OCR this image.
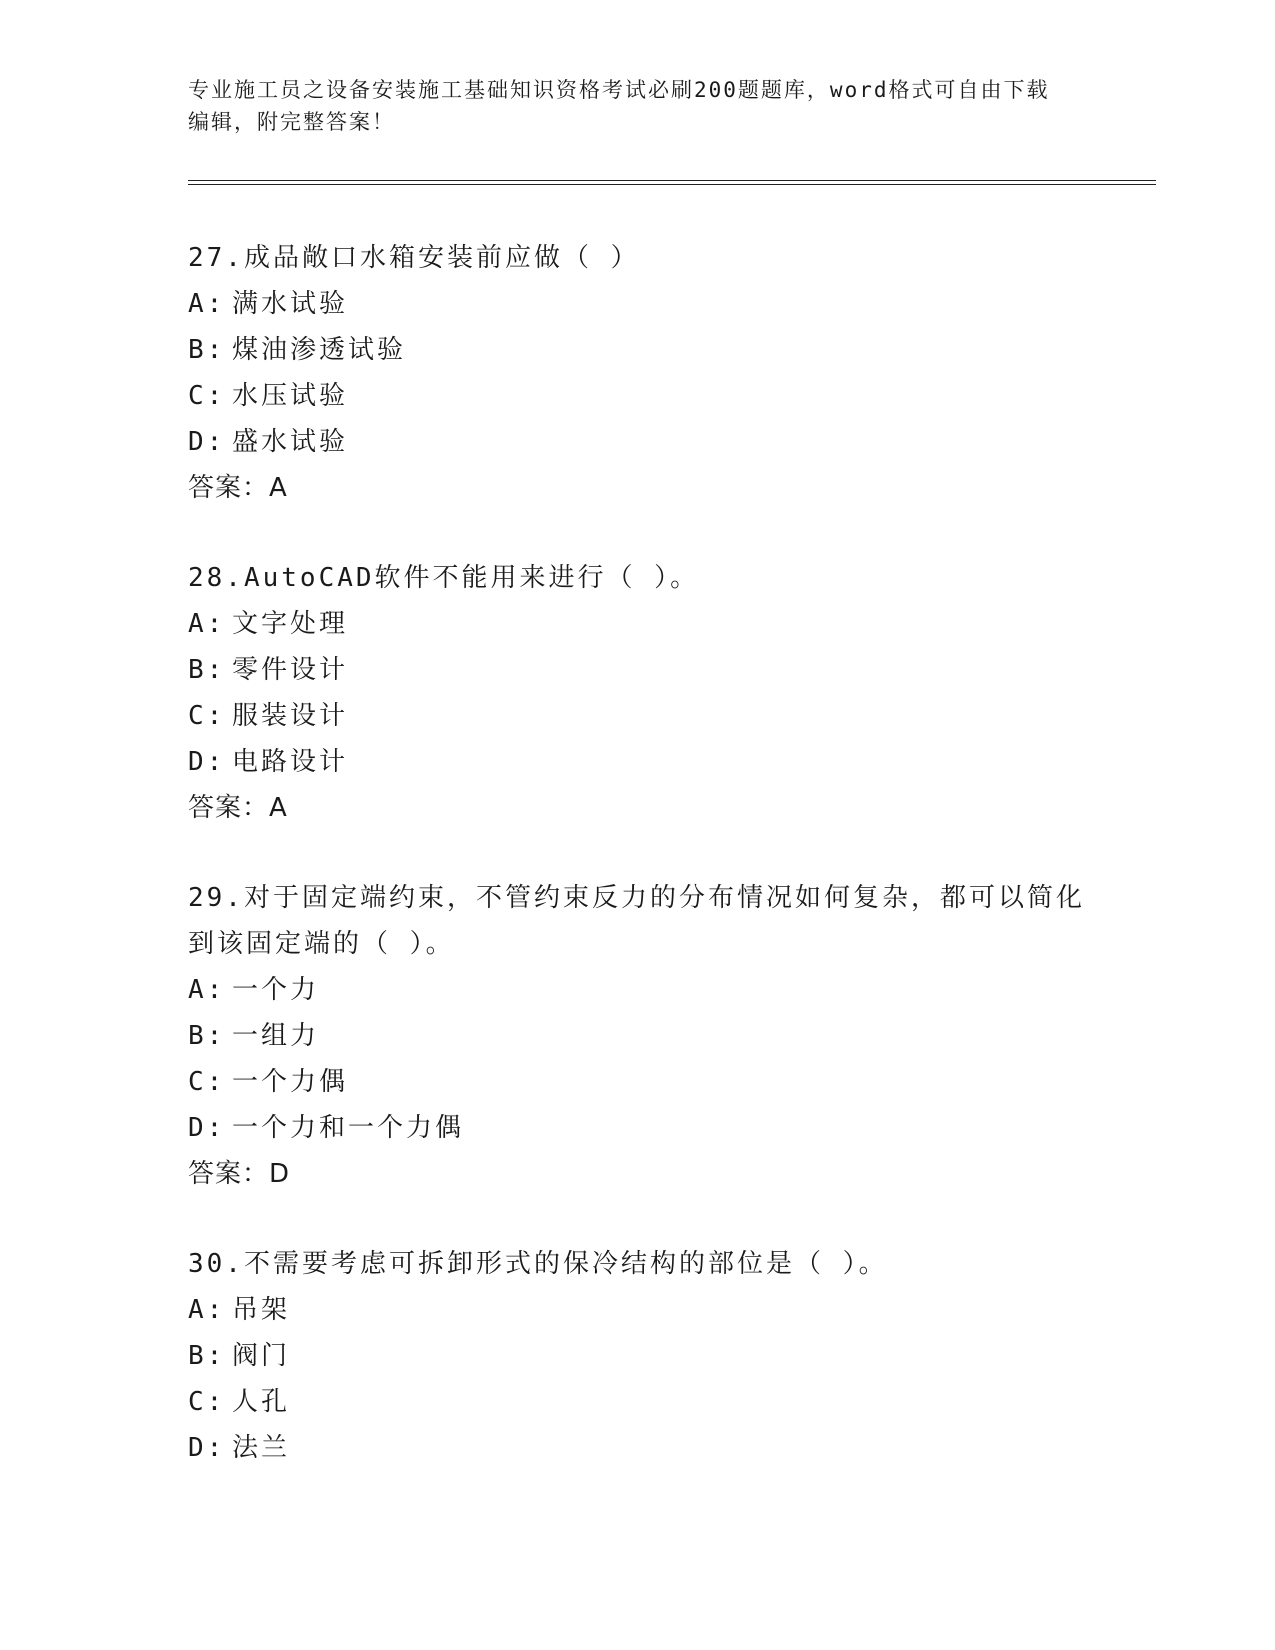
专业施工员之设备安装施工基础知识资格考试必刷200题题库，word格式可自由下载编辑，附完整答案！

27.成品敞口水箱安装前应做（ ）

A: 满水试验
B: 煤油渗透试验
C: 水压试验
D: 盛水试验
答案：A

28.AutoCAD软件不能用来进行（ ）。

A: 文字处理
B: 零件设计
C: 服装设计
D: 电路设计
答案：A

29.对于固定端约束，不管约束反力的分布情况如何复杂，都可以简化到该固定端的（ ）。

A: 一个力
B: 一组力
C: 一个力偶
D: 一个力和一个力偶
答案：D

30.不需要考虑可拆卸形式的保冷结构的部位是（ ）。

A: 吊架
B: 阀门
C: 人孔
D: 法兰
